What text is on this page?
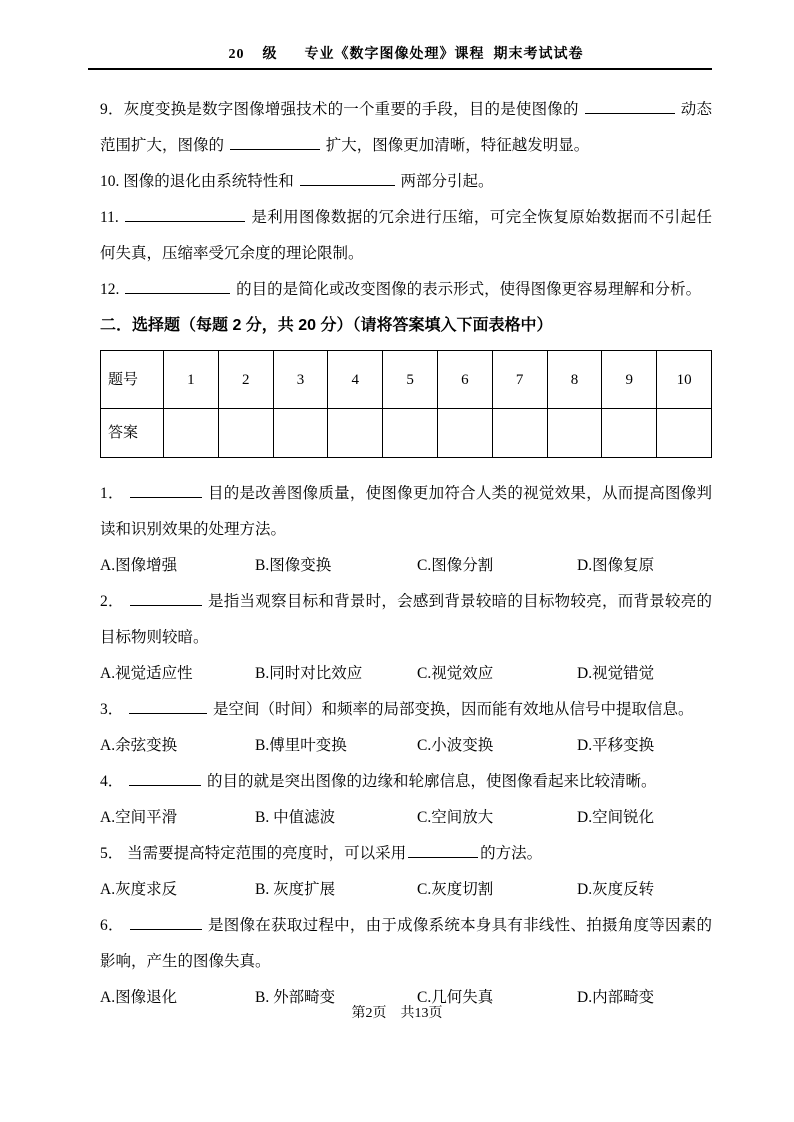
20    级      专业《数字图像处理》课程  期末考试试卷

9．灰度变换是数字图像增强技术的一个重要的手段，目的是使图像的	动态范围扩大，图像的	扩大，图像更加清晰，特征越发明显。

10. 图像的退化由系统特性和	两部分引起。

11.	是利用图像数据的冗余进行压缩，可完全恢复原始数据而不引起任何失真，压缩率受冗余度的理论限制。

12.	的目的是简化或改变图像的表示形式，使得图像更容易理解和分析。

二．选择题（每题 2 分，共 20 分）（请将答案填入下面表格中）
题号	1	2	3	4	5	6	7	8	9	10
答案										

1．	目的是改善图像质量，使图像更加符合人类的视觉效果，从而提高图像判读和识别效果的处理方法。

A.图像增强	B.图像变换	C.图像分割	D.图像复原

2．	是指当观察目标和背景时，会感到背景较暗的目标物较亮，而背景较亮的目标物则较暗。

A.视觉适应性	B.同时对比效应	C.视觉效应	D.视觉错觉

3．	是空间（时间）和频率的局部变换，因而能有效地从信号中提取信息。

A.余弦变换	B.傅里叶变换	C.小波变换	D.平移变换

4．	的目的就是突出图像的边缘和轮廓信息，使图像看起来比较清晰。

A.空间平滑	B. 中值滤波	C.空间放大	D.空间锐化

5． 当需要提高特定范围的亮度时，可以采用	的方法。

A.灰度求反	B. 灰度扩展	C.灰度切割	D.灰度反转

6．	是图像在获取过程中，由于成像系统本身具有非线性、拍摄角度等因素的影响，产生的图像失真。

A.图像退化	B. 外部畸变	C.几何失真	D.内部畸变
第2页　共13页
